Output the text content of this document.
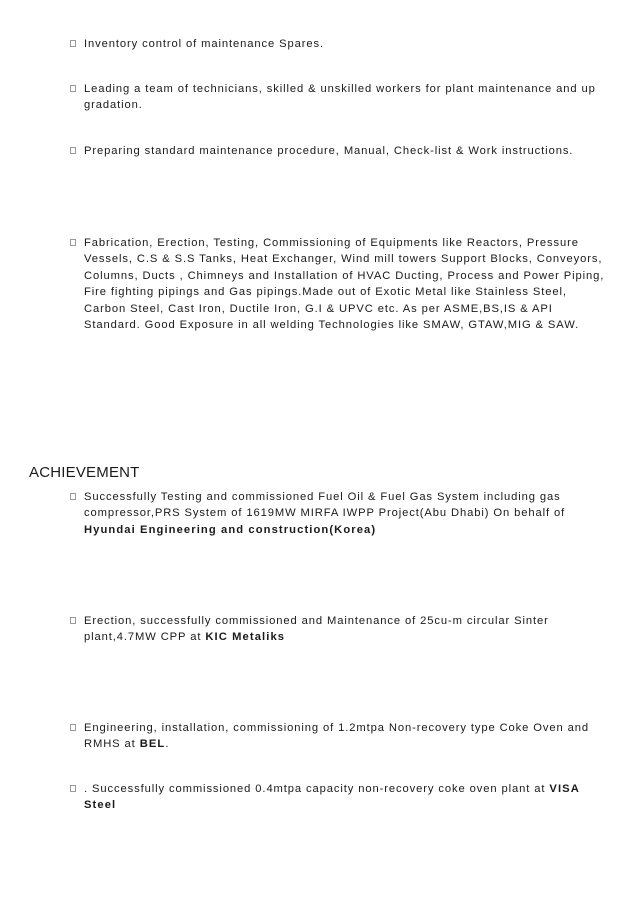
Inventory control of maintenance Spares.
Leading a team of technicians, skilled & unskilled workers for plant maintenance and up gradation.
Preparing standard maintenance procedure, Manual, Check-list & Work instructions.
Fabrication, Erection, Testing, Commissioning of Equipments like Reactors, Pressure Vessels, C.S & S.S Tanks, Heat Exchanger, Wind mill towers Support Blocks, Conveyors, Columns, Ducts , Chimneys and Installation of HVAC Ducting, Process and Power Piping, Fire fighting pipings and Gas pipings.Made out of Exotic Metal like Stainless Steel, Carbon Steel, Cast Iron, Ductile Iron, G.I & UPVC etc. As per ASME,BS,IS & API Standard. Good Exposure in all welding Technologies like SMAW, GTAW,MIG & SAW.
ACHIEVEMENT
Successfully Testing and commissioned Fuel Oil & Fuel Gas System including gas compressor,PRS System of 1619MW MIRFA IWPP Project(Abu Dhabi) On behalf of Hyundai Engineering and construction(Korea)
Erection, successfully commissioned and Maintenance of 25cu-m circular Sinter plant,4.7MW CPP at KIC Metaliks
Engineering, installation, commissioning of 1.2mtpa Non-recovery type Coke Oven and RMHS at BEL.
. Successfully commissioned 0.4mtpa capacity non-recovery coke oven plant at VISA Steel
